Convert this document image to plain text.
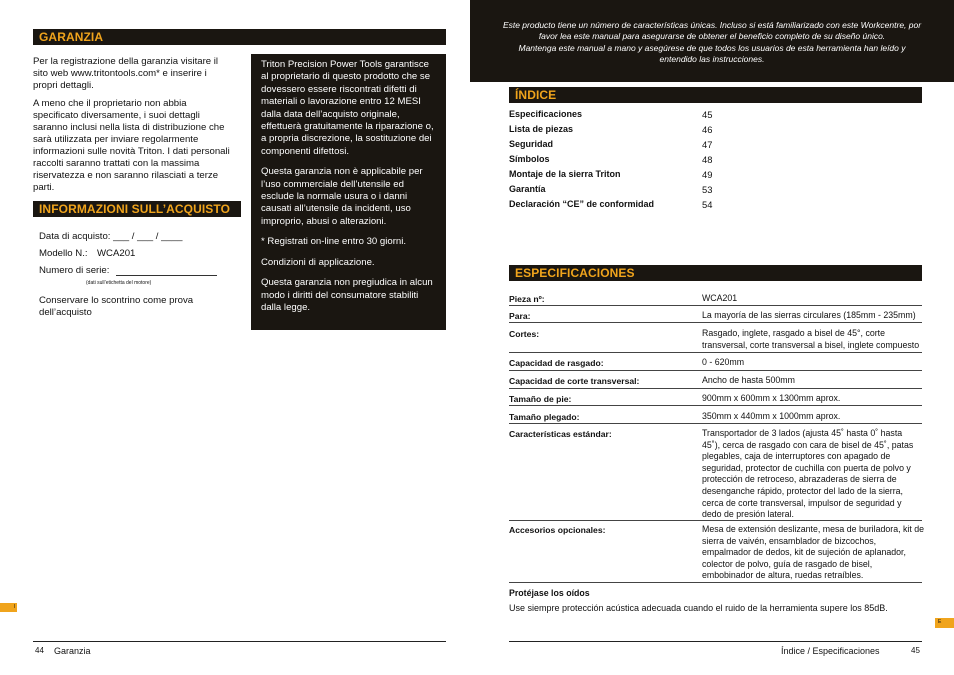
GARANZIA

Per la registrazione della garanzia visitare il sito web www.tritontools.com* e inserire i propri dettagli.

A meno che il proprietario non abbia specificato diversamente, i suoi dettagli saranno inclusi nella lista di distribuzione che sarà utilizzata per inviare regolarmente informazioni sulle novità Triton. I dati personali raccolti saranno trattati con la massima riservatezza e non saranno rilasciati a terze parti.

INFORMAZIONI SULL’ACQUISTO
Data di acquisto: ___ / ___ / ____
Modello N.: WCA201
Numero di serie:
(dati sull’etichetta del motore)
Conservare lo scontrino come prova dell’acquisto

Triton Precision Power Tools garantisce al proprietario di questo prodotto che se dovessero essere riscontrati difetti di materiali o lavorazione entro 12 MESI dalla data dell’acquisto originale, effettuerà gratuitamente la riparazione o, a propria discrezione, la sostituzione dei componenti difettosi.

Questa garanzia non è applicabile per l’uso commerciale dell’utensile ed esclude la normale usura o i danni causati all’utensile da incidenti, uso improprio, abusi o alterazioni.

* Registrati on-line entro 30 giorni.

Condizioni di applicazione.

Questa garanzia non pregiudica in alcun modo i diritti del consumatore stabiliti dalla legge.

I
44 Garanzia
Este producto tiene un número de características únicas. Incluso si está familiarizado con este Workcentre, por
favor lea este manual para asegurarse de obtener el beneficio completo de su diseño único.
Mantenga este manual a mano y asegúrese de que todos los usuarios de esta herramienta han leído y
entendido las instrucciones.
ÍNDICE
Especificaciones	45
Lista de piezas	46
Seguridad	47
Símbolos	48
Montaje de la sierra Triton	49
Garantía	53
Declaración “CE” de conformidad	54
ESPECIFICACIONES
Pieza nº:	WCA201
Para:	La mayoría de las sierras circulares (185mm - 235mm)
Cortes:	Rasgado, inglete, rasgado a bisel de 45°, corte transversal, corte transversal a bisel, inglete compuesto
Capacidad de rasgado:	0 - 620mm
Capacidad de corte transversal:	Ancho de hasta 500mm
Tamaño de pie:	900mm x 600mm x 1300mm aprox.
Tamaño plegado:	350mm x 440mm x 1000mm aprox.
Características estándar:	Transportador de 3 lados (ajusta 45˚ hasta 0˚ hasta 45˚), cerca de rasgado con cara de bisel de 45˚, patas plegables, caja de interruptores con apagado de seguridad, protector de cuchilla con puerta de polvo y protección de retroceso, abrazaderas de sierra de desenganche rápido, protector del lado de la sierra, cerca de corte transversal, impulsor de seguridad y dedo de presión lateral.
Accesorios opcionales:	Mesa de extensión deslizante, mesa de buriladora, kit de sierra de vaivén, ensamblador de bizcochos, empalmador de dedos, kit de sujeción de aplanador, colector de polvo, guía de rasgado de bisel, embobinador de altura, ruedas retraíbles.
Protéjase los oídos
Use siempre protección acústica adecuada cuando el ruido de la herramienta supere los 85dB.
E
Índice / Especificaciones	45
